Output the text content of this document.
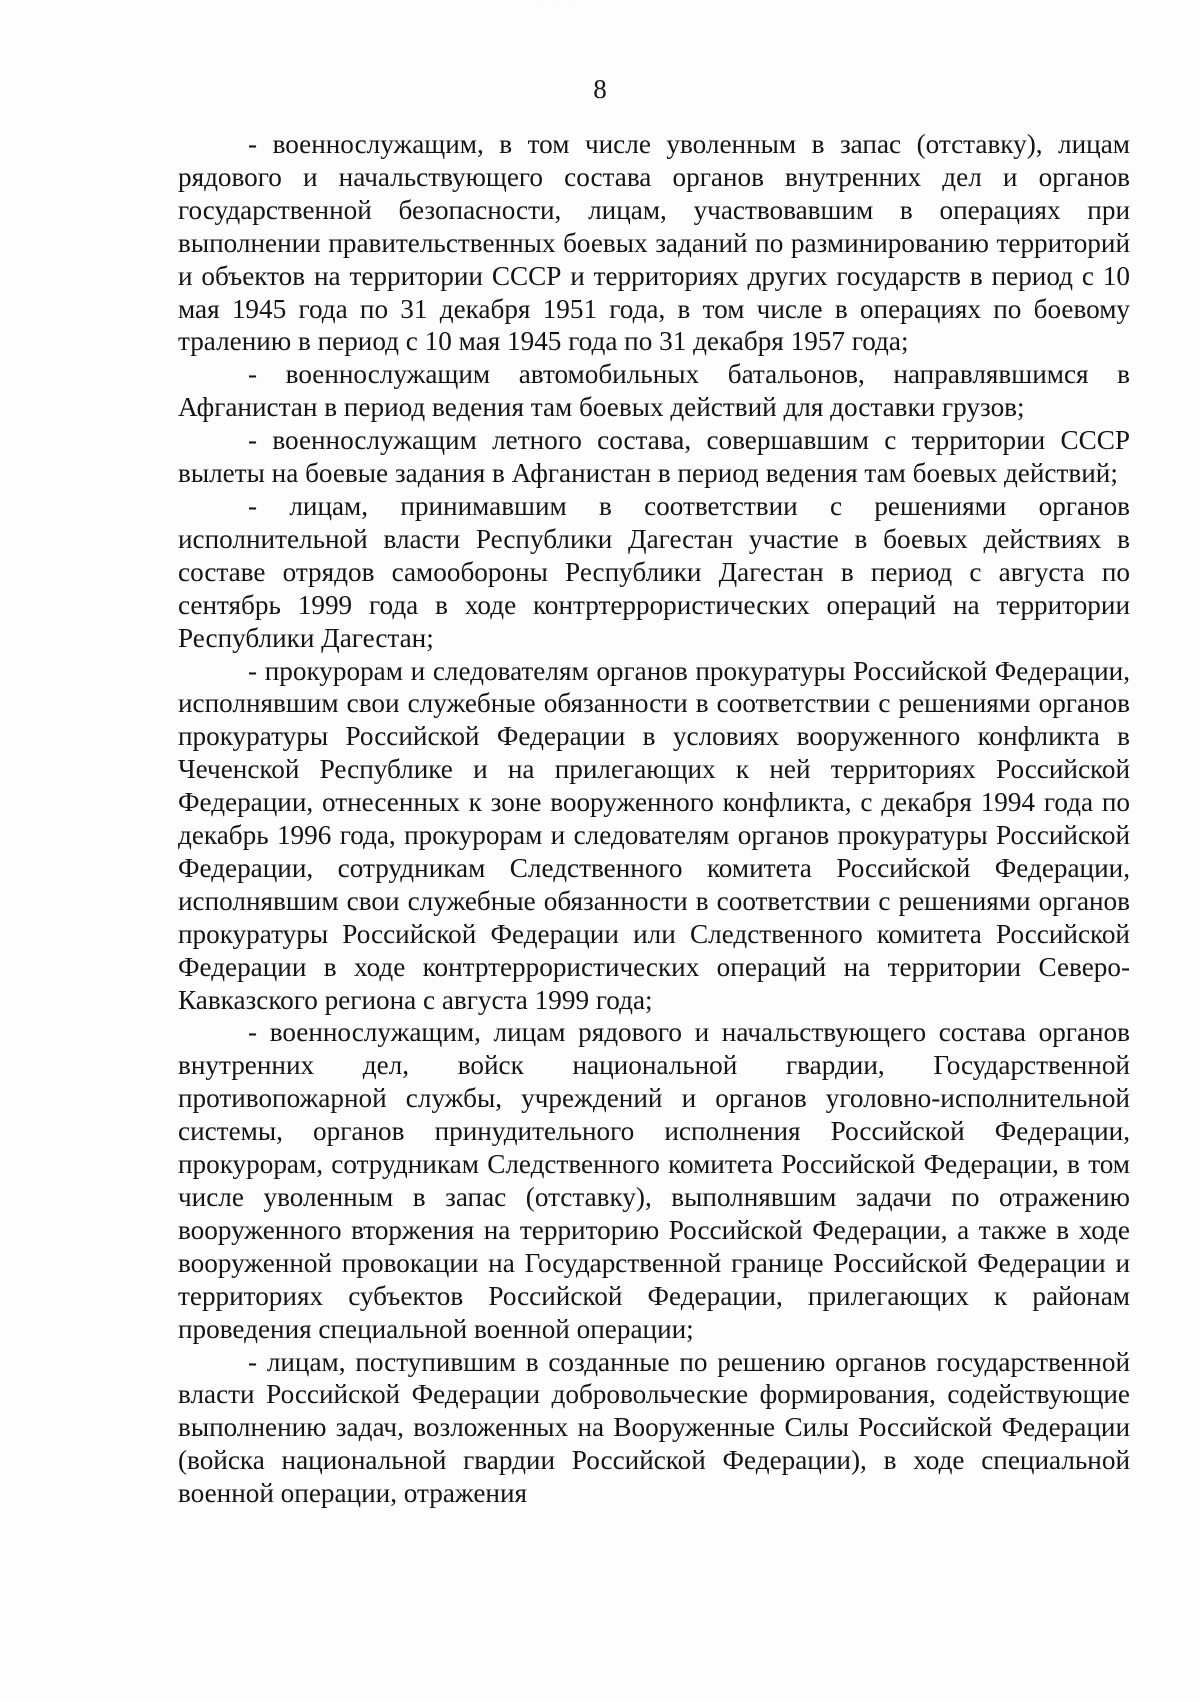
· · ·
8

- военнослужащим, в том числе уволенным в запас (отставку), лицам рядового и начальствующего состава органов внутренних дел и органов государственной безопасности, лицам, участвовавшим в операциях при выполнении правительственных боевых заданий по разминированию территорий и объектов на территории СССР и территориях других государств в период с 10 мая 1945 года по 31 декабря 1951 года, в том числе в операциях по боевому тралению в период с 10 мая 1945 года по 31 декабря 1957 года;

- военнослужащим автомобильных батальонов, направлявшимся в Афганистан в период ведения там боевых действий для доставки грузов;

- военнослужащим летного состава, совершавшим с территории СССР вылеты на боевые задания в Афганистан в период ведения там боевых действий;

- лицам, принимавшим в соответствии с решениями органов исполнительной власти Республики Дагестан участие в боевых действиях в составе отрядов самообороны Республики Дагестан в период с августа по сентябрь 1999 года в ходе контртеррористических операций на территории Республики Дагестан;

- прокурорам и следователям органов прокуратуры Российской Федерации, исполнявшим свои служебные обязанности в соответствии с решениями органов прокуратуры Российской Федерации в условиях вооруженного конфликта в Чеченской Республике и на прилегающих к ней территориях Российской Федерации, отнесенных к зоне вооруженного конфликта, с декабря 1994 года по декабрь 1996 года, прокурорам и следователям органов прокуратуры Российской Федерации, сотрудникам Следственного комитета Российской Федерации, исполнявшим свои служебные обязанности в соответствии с решениями органов прокуратуры Российской Федерации или Следственного комитета Российской Федерации в ходе контртеррористических операций на территории Северо-Кавказского региона с августа 1999 года;

- военнослужащим, лицам рядового и начальствующего состава органов внутренних дел, войск национальной гвардии, Государственной противопожарной службы, учреждений и органов уголовно-исполнительной системы, органов принудительного исполнения Российской Федерации, прокурорам, сотрудникам Следственного комитета Российской Федерации, в том числе уволенным в запас (отставку), выполнявшим задачи по отражению вооруженного вторжения на территорию Российской Федерации, а также в ходе вооруженной провокации на Государственной границе Российской Федерации и территориях субъектов Российской Федерации, прилегающих к районам проведения специальной военной операции;

- лицам, поступившим в созданные по решению органов государственной власти Российской Федерации добровольческие формирования, содействующие выполнению задач, возложенных на Вооруженные Силы Российской Федерации (войска национальной гвардии Российской Федерации), в ходе специальной военной операции, отражения
